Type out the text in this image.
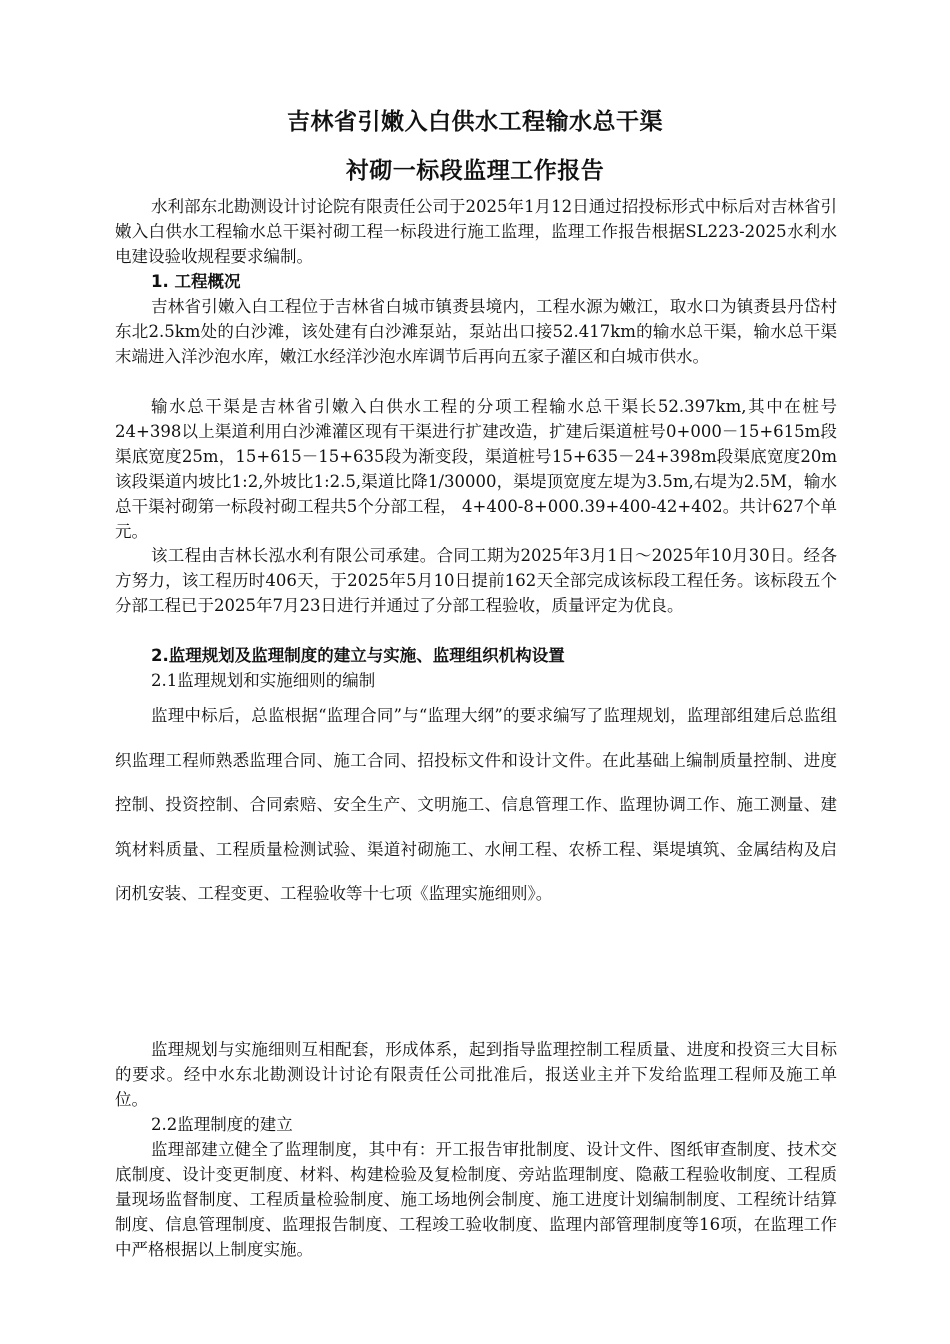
吉林省引嫩入白供水工程输水总干渠
衬砌一标段监理工作报告
水利部东北勘测设计讨论院有限责任公司于2025年1月12日通过招投标形式中标后对吉林省引嫩入白供水工程输水总干渠衬砌工程一标段进行施工监理，监理工作报告根据SL223-2025水利水电建设验收规程要求编制。
1. 工程概况
吉林省引嫩入白工程位于吉林省白城市镇赉县境内，工程水源为嫩江，取水口为镇赉县丹岱村东北2.5km处的白沙滩，该处建有白沙滩泵站，泵站出口接52.417km的输水总干渠，输水总干渠末端进入洋沙泡水库，嫩江水经洋沙泡水库调节后再向五家子灌区和白城市供水。
输水总干渠是吉林省引嫩入白供水工程的分项工程输水总干渠长52.397km,其中在桩号24+398以上渠道利用白沙滩灌区现有干渠进行扩建改造，扩建后渠道桩号0+000－15+615m段渠底宽度25m，15+615－15+635段为渐变段，渠道桩号15+635－24+398m段渠底宽度20m该段渠道内坡比1:2,外坡比1:2.5,渠道比降1/30000，渠堤顶宽度左堤为3.5m,右堤为2.5M，输水总干渠衬砌第一标段衬砌工程共5个分部工程， 4+400-8+000.39+400-42+402。共计627个单元。
该工程由吉林长泓水利有限公司承建。合同工期为2025年3月1日～2025年10月30日。经各方努力，该工程历时406天，于2025年5月10日提前162天全部完成该标段工程任务。该标段五个分部工程已于2025年7月23日进行并通过了分部工程验收，质量评定为优良。
2.监理规划及监理制度的建立与实施、监理组织机构设置
2.1监理规划和实施细则的编制
监理中标后，总监根据“监理合同”与“监理大纲”的要求编写了监理规划，监理部组建后总监组织监理工程师熟悉监理合同、施工合同、招投标文件和设计文件。在此基础上编制质量控制、进度控制、投资控制、合同索赔、安全生产、文明施工、信息管理工作、监理协调工作、施工测量、建筑材料质量、工程质量检测试验、渠道衬砌施工、水闸工程、农桥工程、渠堤填筑、金属结构及启闭机安装、工程变更、工程验收等十七项《监理实施细则》。
监理规划与实施细则互相配套，形成体系，起到指导监理控制工程质量、进度和投资三大目标的要求。经中水东北勘测设计讨论有限责任公司批准后，报送业主并下发给监理工程师及施工单位。
2.2监理制度的建立
监理部建立健全了监理制度，其中有：开工报告审批制度、设计文件、图纸审查制度、技术交底制度、设计变更制度、材料、构建检验及复检制度、旁站监理制度、隐蔽工程验收制度、工程质量现场监督制度、工程质量检验制度、施工场地例会制度、施工进度计划编制制度、工程统计结算制度、信息管理制度、监理报告制度、工程竣工验收制度、监理内部管理制度等16项，在监理工作中严格根据以上制度实施。
